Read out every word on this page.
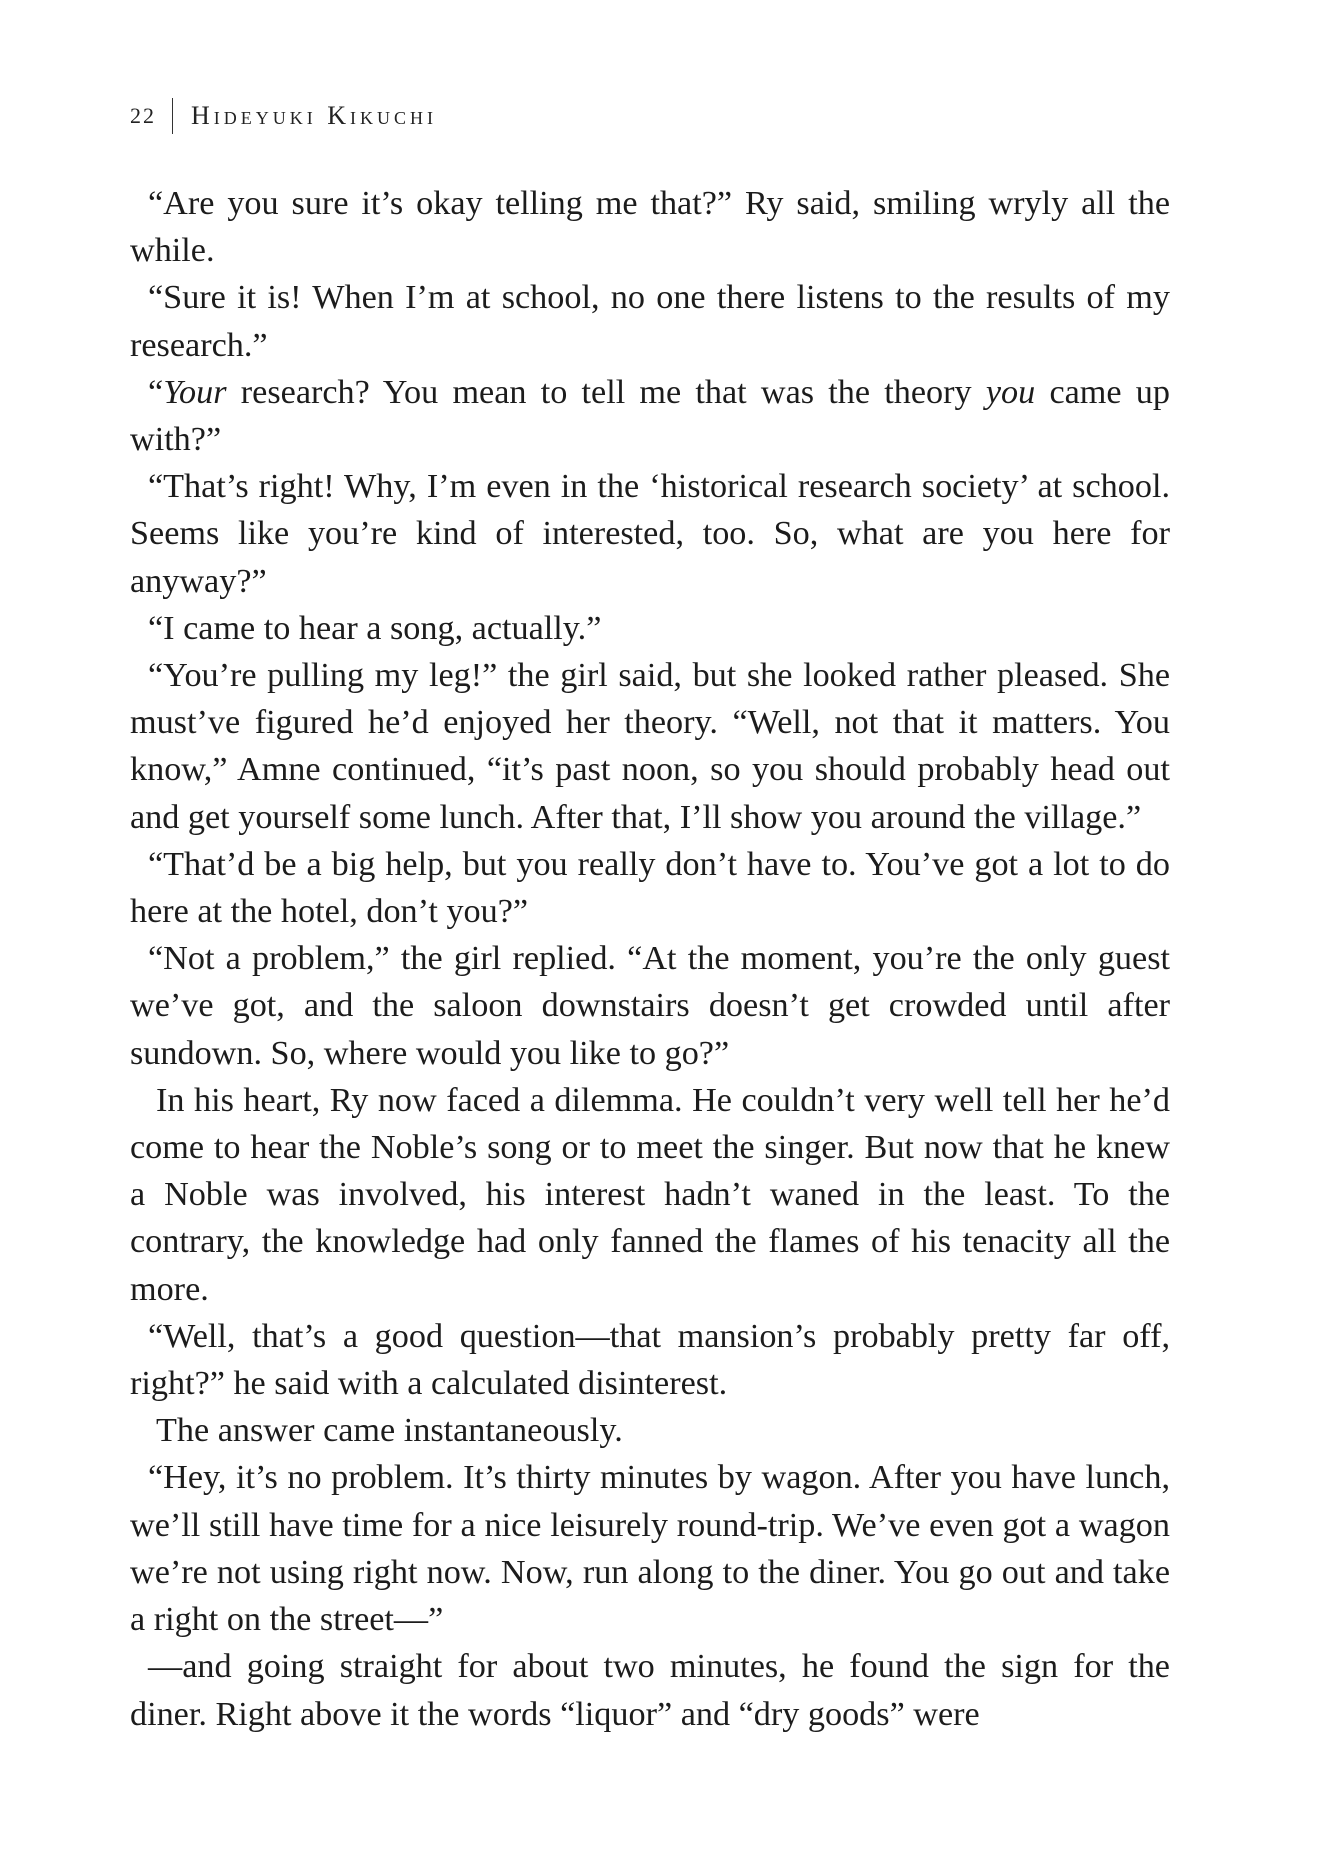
22 Hideyuki Kikuchi

“Are you sure it’s okay telling me that?” Ry said, smiling wryly all the while.

“Sure it is! When I’m at school, no one there listens to the results of my research.”

“Your research? You mean to tell me that was the theory you came up with?”

“That’s right! Why, I’m even in the ‘historical research society’ at school. Seems like you’re kind of interested, too. So, what are you here for anyway?”

“I came to hear a song, actually.”

“You’re pulling my leg!” the girl said, but she looked rather pleased. She must’ve figured he’d enjoyed her theory. “Well, not that it matters. You know,” Amne continued, “it’s past noon, so you should probably head out and get yourself some lunch. After that, I’ll show you around the village.”

“That’d be a big help, but you really don’t have to. You’ve got a lot to do here at the hotel, don’t you?”

“Not a problem,” the girl replied. “At the moment, you’re the only guest we’ve got, and the saloon downstairs doesn’t get crowded until after sundown. So, where would you like to go?”

In his heart, Ry now faced a dilemma. He couldn’t very well tell her he’d come to hear the Noble’s song or to meet the singer. But now that he knew a Noble was involved, his interest hadn’t waned in the least. To the contrary, the knowledge had only fanned the flames of his tenacity all the more.

“Well, that’s a good question—that mansion’s probably pretty far off, right?” he said with a calculated disinterest.

The answer came instantaneously.

“Hey, it’s no problem. It’s thirty minutes by wagon. After you have lunch, we’ll still have time for a nice leisurely round-trip. We’ve even got a wagon we’re not using right now. Now, run along to the diner. You go out and take a right on the street—”

—and going straight for about two minutes, he found the sign for the diner. Right above it the words “liquor” and “dry goods” were
